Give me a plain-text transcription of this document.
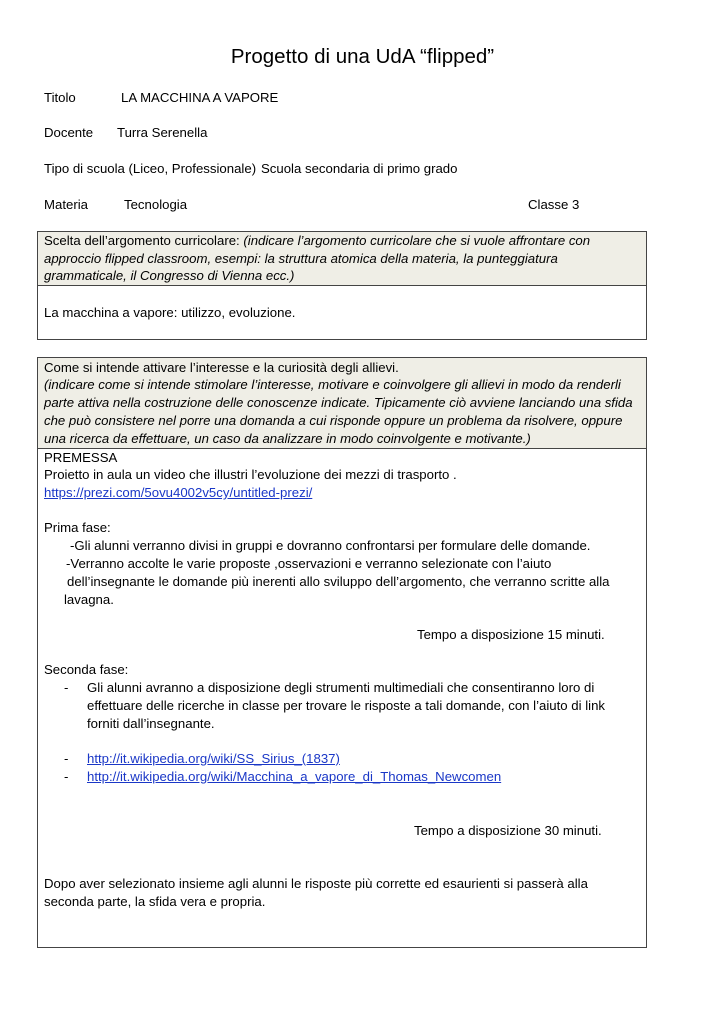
Progetto di una UdA “flipped”
Titolo	LA MACCHINA A VAPORE
Docente Turra Serenella
Tipo di scuola (Liceo, Professionale) Scuola secondaria di primo grado
Materia	Tecnologia	Classe 3
Scelta dell’argomento curricolare: (indicare l’argomento curricolare che si vuole affrontare con
approccio flipped classroom, esempi: la struttura atomica della materia, la punteggiatura
grammaticale, il Congresso di Vienna ecc.)
La macchina a vapore: utilizzo, evoluzione.
Come si intende attivare l’interesse e la curiosità degli allievi.
(indicare come si intende stimolare l’interesse, motivare e coinvolgere gli allievi in modo da renderli
parte attiva nella costruzione delle conoscenze indicate. Tipicamente ciò avviene lanciando una sfida
che può consistere nel porre una domanda a cui risponde oppure un problema da risolvere, oppure
una ricerca da effettuare, un caso da analizzare in modo coinvolgente e motivante.)
PREMESSA
Proietto in aula un video che illustri l’evoluzione dei mezzi di trasporto .
https://prezi.com/5ovu4002v5cy/untitled-prezi/
Prima fase:
-Gli alunni verranno divisi in gruppi e dovranno confrontarsi per formulare delle domande.
-Verranno accolte le varie proposte ,osservazioni e verranno selezionate con l’aiuto
dell’insegnante le domande più inerenti allo sviluppo dell’argomento, che verranno scritte alla
lavagna.
Tempo a disposizione 15 minuti.
Seconda fase:
- Gli alunni avranno a disposizione degli strumenti multimediali che consentiranno loro di
effettuare delle ricerche in classe per trovare le risposte a tali domande, con l’aiuto di link
forniti dall’insegnante.
- http://it.wikipedia.org/wiki/SS_Sirius_(1837)
- http://it.wikipedia.org/wiki/Macchina_a_vapore_di_Thomas_Newcomen
Tempo a disposizione 30 minuti.
Dopo aver selezionato insieme agli alunni le risposte più corrette ed esaurienti si passerà alla
seconda parte, la sfida vera e propria.
